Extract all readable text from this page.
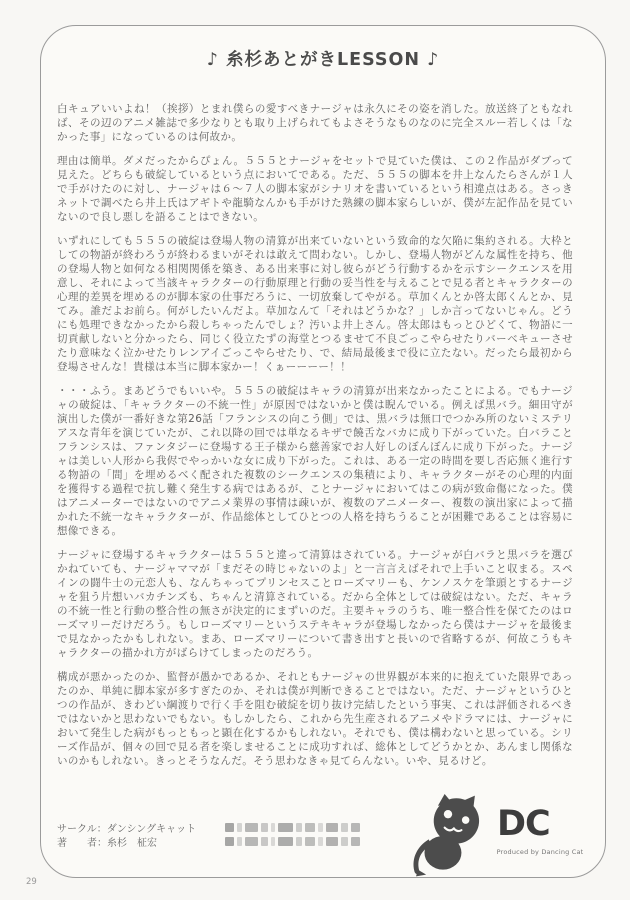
♪ 糸杉あとがきLESSON ♪

白キュアいいよね！（挨拶）とまれ僕らの愛すべきナージャは永久にその姿を消した。放送終了ともなれば、その辺のアニメ雑誌で多少なりとも取り上げられてもよさそうなものなのに完全スルー若しくは「なかった事」になっているのは何故か。

理由は簡単。ダメだったからぴょん。５５５とナージャをセットで見ていた僕は、この２作品がダブって見えた。どちらも破綻しているという点においてである。ただ、５５５の脚本を井上なんたらさんが１人で手がけたのに対し、ナージャは６〜７人の脚本家がシナリオを書いているという相違点はある。さっきネットで調べたら井上氏はアギトや龍騎なんかも手がけた熟練の脚本家らしいが、僕が左記作品を見ていないので良し悪しを語ることはできない。

いずれにしても５５５の破綻は登場人物の清算が出来ていないという致命的な欠陥に集約される。大枠としての物語が終わろうが終わるまいがそれは敢えて問わない。しかし、登場人物がどんな属性を持ち、他の登場人物と如何なる相関関係を築き、ある出来事に対し彼らがどう行動するかを示すシークエンスを用意し、それによって当該キャラクターの行動原理と行動の妥当性を与えることで見る者とキャラクターの心理的差異を埋めるのが脚本家の仕事だろうに、一切放棄してやがる。草加くんとか啓太郎くんとか、見てみ。誰だよお前ら。何がしたいんだよ。草加なんて「それはどうかな？」しか言ってないじゃん。どうにも処理できなかったから殺しちゃったんでしょ？汚いよ井上さん。啓太郎はもっとひどくて、物語に一切貢献しないと分かったら、同じく役立たずの海堂とつるませて不良ごっこやらせたりバーベキューさせたり意味なく泣かせたりレンアイごっこやらせたり、で、結局最後まで役に立たない。だったら最初から登場させんな！貴様は本当に脚本家かー！くぁーーーー！！

・・・ふう。まあどうでもいいや。５５５の破綻はキャラの清算が出来なかったことによる。でもナージャの破綻は、「キャラクターの不統一性」が原因ではないかと僕は睨んでいる。例えば黒バラ。細田守が演出した僕が一番好きな第26話「フランシスの向こう側」では、黒バラは無口でつかみ所のないミステリアスな青年を演じていたが、これ以降の回では単なるキザで饒舌なバカに成り下がっていた。白バラことフランシスは、ファンタジーに登場する王子様から慈善家でお人好しのぼんぼんに成り下がった。ナージャは美しい人形から我侭でやっかいな女に成り下がった。これは、ある一定の時間を要し否応無く進行する物語の「間」を埋めるべく配された複数のシークエンスの集積により、キャラクターがその心理的内面を獲得する過程で抗し難く発生する病ではあるが、ことナージャにおいてはこの病が致命傷になった。僕はアニメーターではないのでアニメ業界の事情は疎いが、複数のアニメーター、複数の演出家によって描かれた不統一なキャラクターが、作品総体としてひとつの人格を持ちうることが困難であることは容易に想像できる。

ナージャに登場するキャラクターは５５５と違って清算はされている。ナージャが白バラと黒バラを選びかねていても、ナージャママが「まだその時じゃないのよ」と一言言えばそれで上手いこと収まる。スペインの闘牛士の元恋人も、なんちゃってプリンセスことローズマリーも、ケンノスケを筆頭とするナージャを狙う片想いバカチンズも、ちゃんと清算されている。だから全体としては破綻はない。ただ、キャラの不統一性と行動の整合性の無さが決定的にまずいのだ。主要キャラのうち、唯一整合性を保てたのはローズマリーだけだろう。もしローズマリーというステキキャラが登場しなかったら僕はナージャを最後まで見なかったかもしれない。まあ、ローズマリーについて書き出すと長いので省略するが、何故こうもキャラクターの描かれ方がばらけてしまったのだろう。

構成が悪かったのか、監督が愚かであるか、それともナージャの世界観が本来的に抱えていた限界であったのか、単純に脚本家が多すぎたのか、それは僕が判断できることではない。ただ、ナージャというひとつの作品が、きわどい綱渡りで行く手を阻む破綻を切り抜け完結したという事実、これは評価されるべきではないかと思わないでもない。もしかしたら、これから先生産されるアニメやドラマには、ナージャにおいて発生した病がもっともっと顕在化するかもしれない。それでも、僕は構わないと思っている。シリーズ作品が、個々の回で見る者を楽しませることに成功すれば、総体としてどうかとか、あんまし関係ないのかもしれない。きっとそうなんだ。そう思わなきゃ見てらんない。いや、見るけど。

サークル：ダンシングキャット
著　　者：糸杉　柾宏	DC
Produced by Dancing Cat
29
